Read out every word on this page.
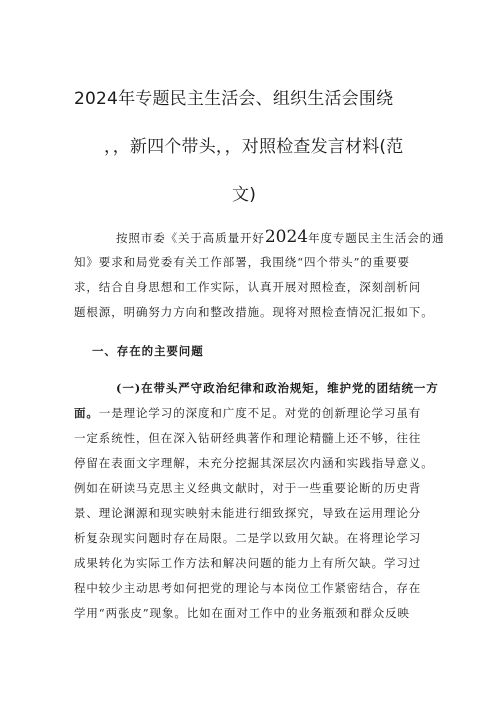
2024年专题民主生活会、组织生活会围绕
，，新四个带头，，对照检查发言材料(范
文)
按照市委《关于高质量开好2024年度专题民主生活会的通
知》要求和局党委有关工作部署，我围绕“四个带头”的重要要
求，结合自身思想和工作实际，认真开展对照检查，深刻剖析问
题根源，明确努力方向和整改措施。现将对照检查情况汇报如下。
一、存在的主要问题
(一)在带头严守政治纪律和政治规矩，维护党的团结统一方
面。一是理论学习的深度和广度不足。对党的创新理论学习虽有
一定系统性，但在深入钻研经典著作和理论精髓上还不够，往往
停留在表面文字理解，未充分挖掘其深层次内涵和实践指导意义。
例如在研读马克思主义经典文献时，对于一些重要论断的历史背
景、理论渊源和现实映射未能进行细致探究，导致在运用理论分
析复杂现实问题时存在局限。二是学以致用欠缺。在将理论学习
成果转化为实际工作方法和解决问题的能力上有所欠缺。学习过
程中较少主动思考如何把党的理论与本岗位工作紧密结合，存在
学用“两张皮”现象。比如在面对工作中的业务瓶颈和群众反映
